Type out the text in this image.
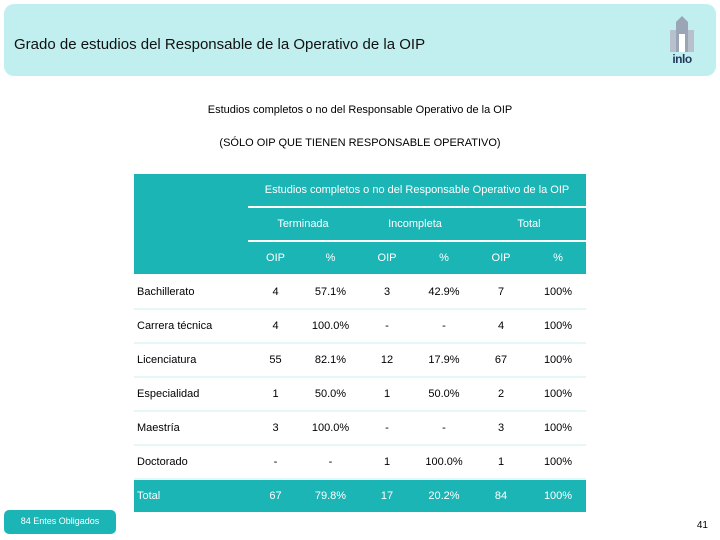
Grado de estudios del Responsable de la Operativo de la OIP
inlo
Estudios completos o no del Responsable Operativo de la OIP
(SÓLO OIP QUE TIENEN RESPONSABLE OPERATIVO)
	Estudios completos o no del Responsable Operativo de la OIP					
	Terminada		Incompleta		Total	
	OIP	%	OIP	%	OIP	%
Bachillerato	4	57.1%	3	42.9%	7	100%
Carrera técnica	4	100.0%	-	-	4	100%
Licenciatura	55	82.1%	12	17.9%	67	100%
Especialidad	1	50.0%	1	50.0%	2	100%
Maestría	3	100.0%	-	-	3	100%
Doctorado	-	-	1	100.0%	1	100%
Total	67	79.8%	17	20.2%	84	100%
84 Entes Obligados	41
